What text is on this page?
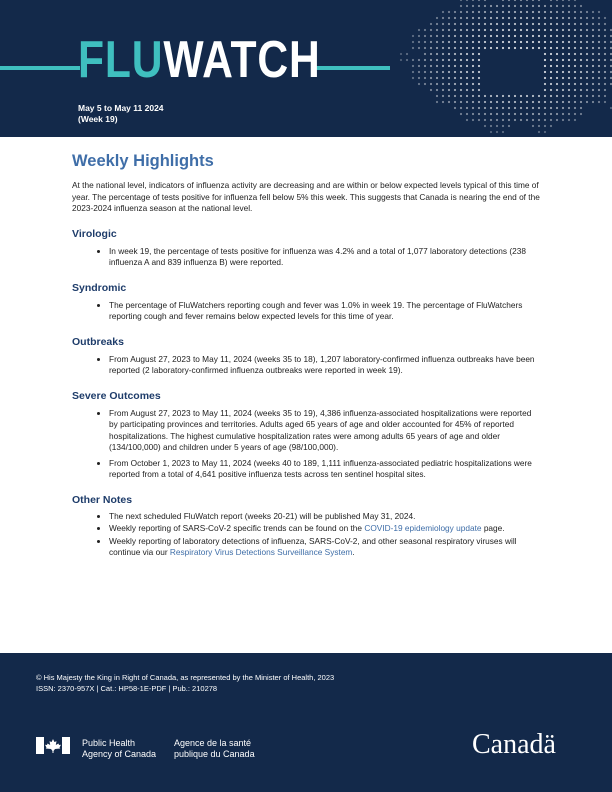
FLUWATCH
May 5 to May 11 2024
(Week 19)
Weekly Highlights

At the national level, indicators of influenza activity are decreasing and are within or below expected levels typical of this time of year. The percentage of tests positive for influenza fell below 5% this week. This suggests that Canada is nearing the end of the 2023-2024 influenza season at the national level.

Virologic
• In week 19, the percentage of tests positive for influenza was 4.2% and a total of 1,077 laboratory detections (238 influenza A and 839 influenza B) were reported.
Syndromic
• The percentage of FluWatchers reporting cough and fever was 1.0% in week 19. The percentage of FluWatchers reporting cough and fever remains below expected levels for this time of year.
Outbreaks
• From August 27, 2023 to May 11, 2024 (weeks 35 to 18), 1,207 laboratory-confirmed influenza outbreaks have been reported (2 laboratory-confirmed influenza outbreaks were reported in week 19).
Severe Outcomes
• From August 27, 2023 to May 11, 2024 (weeks 35 to 19), 4,386 influenza-associated hospitalizations were reported by participating provinces and territories. Adults aged 65 years of age and older accounted for 45% of reported hospitalizations. The highest cumulative hospitalization rates were among adults 65 years of age and older (134/100,000) and children under 5 years of age (98/100,000).
• From October 1, 2023 to May 11, 2024 (weeks 40 to 189, 1,111 influenza-associated pediatric hospitalizations were reported from a total of 4,641 positive influenza tests across ten sentinel hospital sites.
Other Notes
• The next scheduled FluWatch report (weeks 20-21) will be published May 31, 2024.
• Weekly reporting of SARS-CoV-2 specific trends can be found on the COVID-19 epidemiology update page.
• Weekly reporting of laboratory detections of influenza, SARS-CoV-2, and other seasonal respiratory viruses will continue via our Respiratory Virus Detections Surveillance System.
© His Majesty the King in Right of Canada, as represented by the Minister of Health, 2023
ISSN: 2370-957X | Cat.: HP58-1E-PDF | Pub.: 210278
Public Health
Agency of Canada
Agence de la santé
publique du Canada	Canadä
